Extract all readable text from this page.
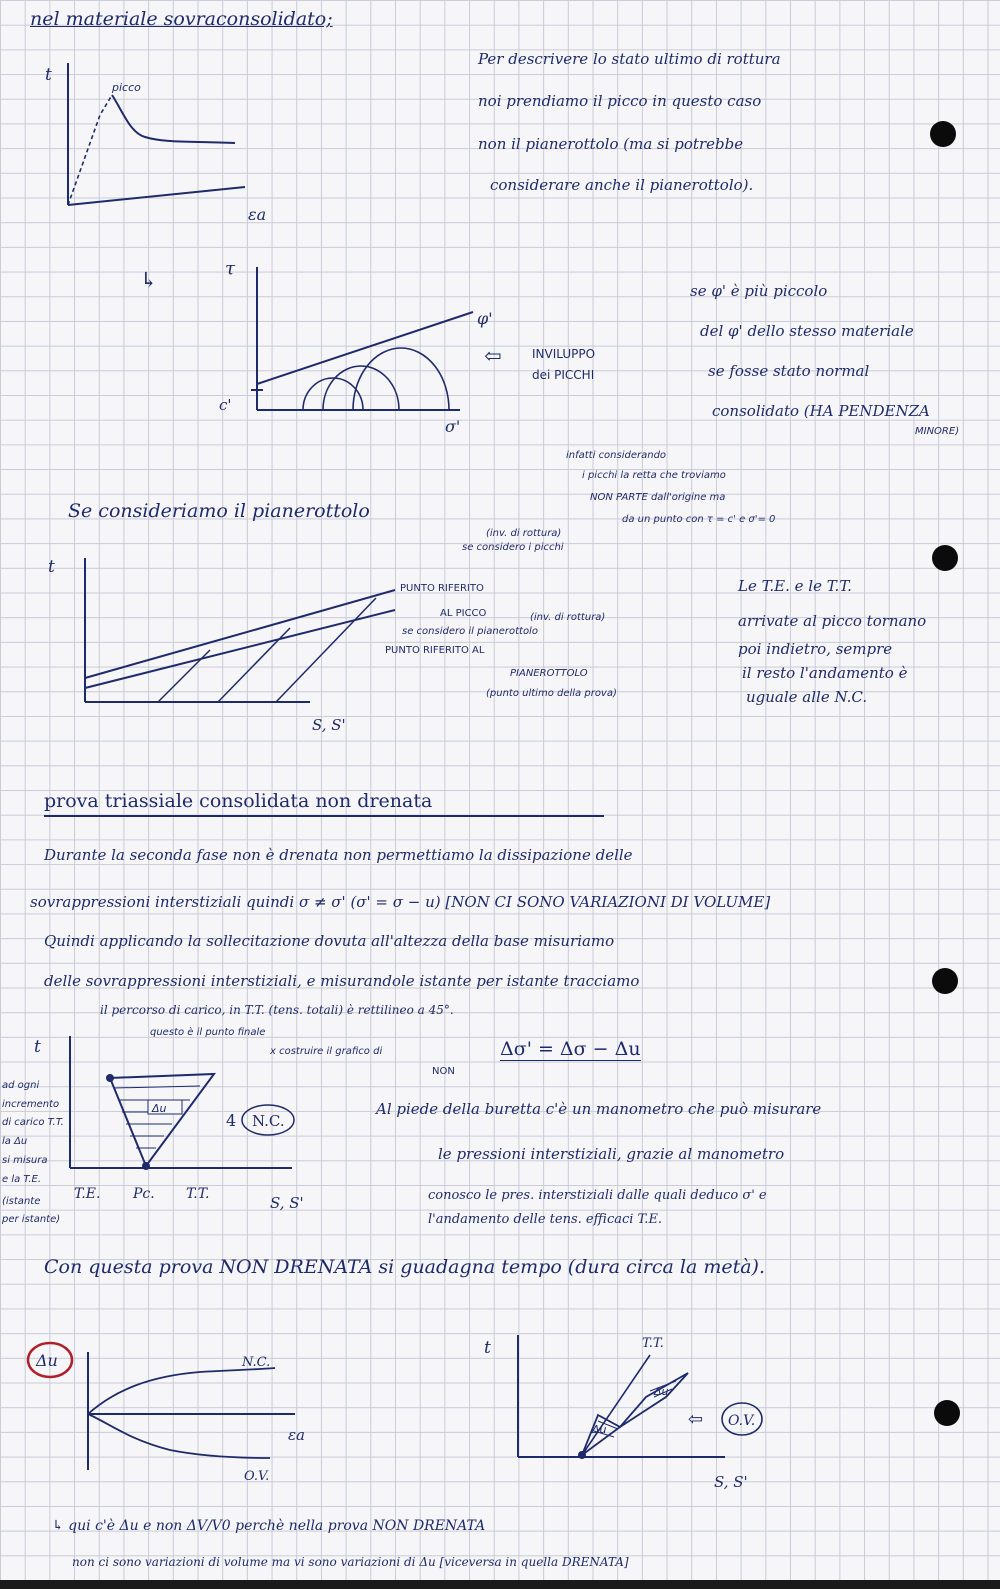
nel materiale sovraconsolidato;
t
εa
picco
Per descrivere lo stato ultimo di rottura
noi prendiamo il picco in questo caso
non il pianerottolo (ma si potrebbe
considerare anche il pianerottolo).
↳	τ
σ'
φ'
c'
⇦	INVILUPPO
dei PICCHI
se φ' è più piccolo
del φ' dello stesso materiale
se fosse stato normal
consolidato (HA PENDENZA
MINORE)
infatti considerando
i picchi la retta che troviamo
NON PARTE dall'origine ma
da un punto con τ = c' e σ'= 0
Se consideriamo il pianerottolo
t
S, S'
(inv. di rottura)
se considero i picchi
PUNTO RIFERITO
AL PICCO	(inv. di rottura)
se considero il pianerottolo
PUNTO RIFERITO AL
PIANEROTTOLO
(punto ultimo della prova)
Le T.E. e le T.T.
arrivate al picco tornano
poi indietro, sempre
il resto l'andamento è
uguale alle N.C.
prova triassiale consolidata non drenata
Durante la seconda fase non è drenata non permettiamo la dissipazione delle
sovrappressioni interstiziali quindi σ ≠ σ' (σ' = σ − u) [NON CI SONO VARIAZIONI DI VOLUME]
Quindi applicando la sollecitazione dovuta all'altezza della base misuriamo
delle sovrappressioni interstiziali, e misurandole istante per istante tracciamo
il percorso di carico, in T.T. (tens. totali) è rettilineo a 45°.
t
Δu
T.E. Pc. T.T.	S, S'
4 N.C.
questo è il punto finale
x costruire il grafico di	Δσ' = Δσ − Δu
NON
ad ogni
incremento
di carico T.T.
la Δu
si misura
e la T.E.
(istante
per istante)
Al piede della buretta c'è un manometro che può misurare
le pressioni interstiziali, grazie al manometro
conosco le pres. interstiziali dalle quali deduco σ' e
l'andamento delle tens. efficaci T.E.
Con questa prova NON DRENATA si guadagna tempo (dura circa la metà).
Δu	N.C.
εa
O.V.
t	T.T.
Δu
Δu
S, S'
⇦ O.V.
↳ qui c'è Δu e non ΔV/V0 perchè nella prova NON DRENATA
non ci sono variazioni di volume ma vi sono variazioni di Δu [viceversa in quella DRENATA]
